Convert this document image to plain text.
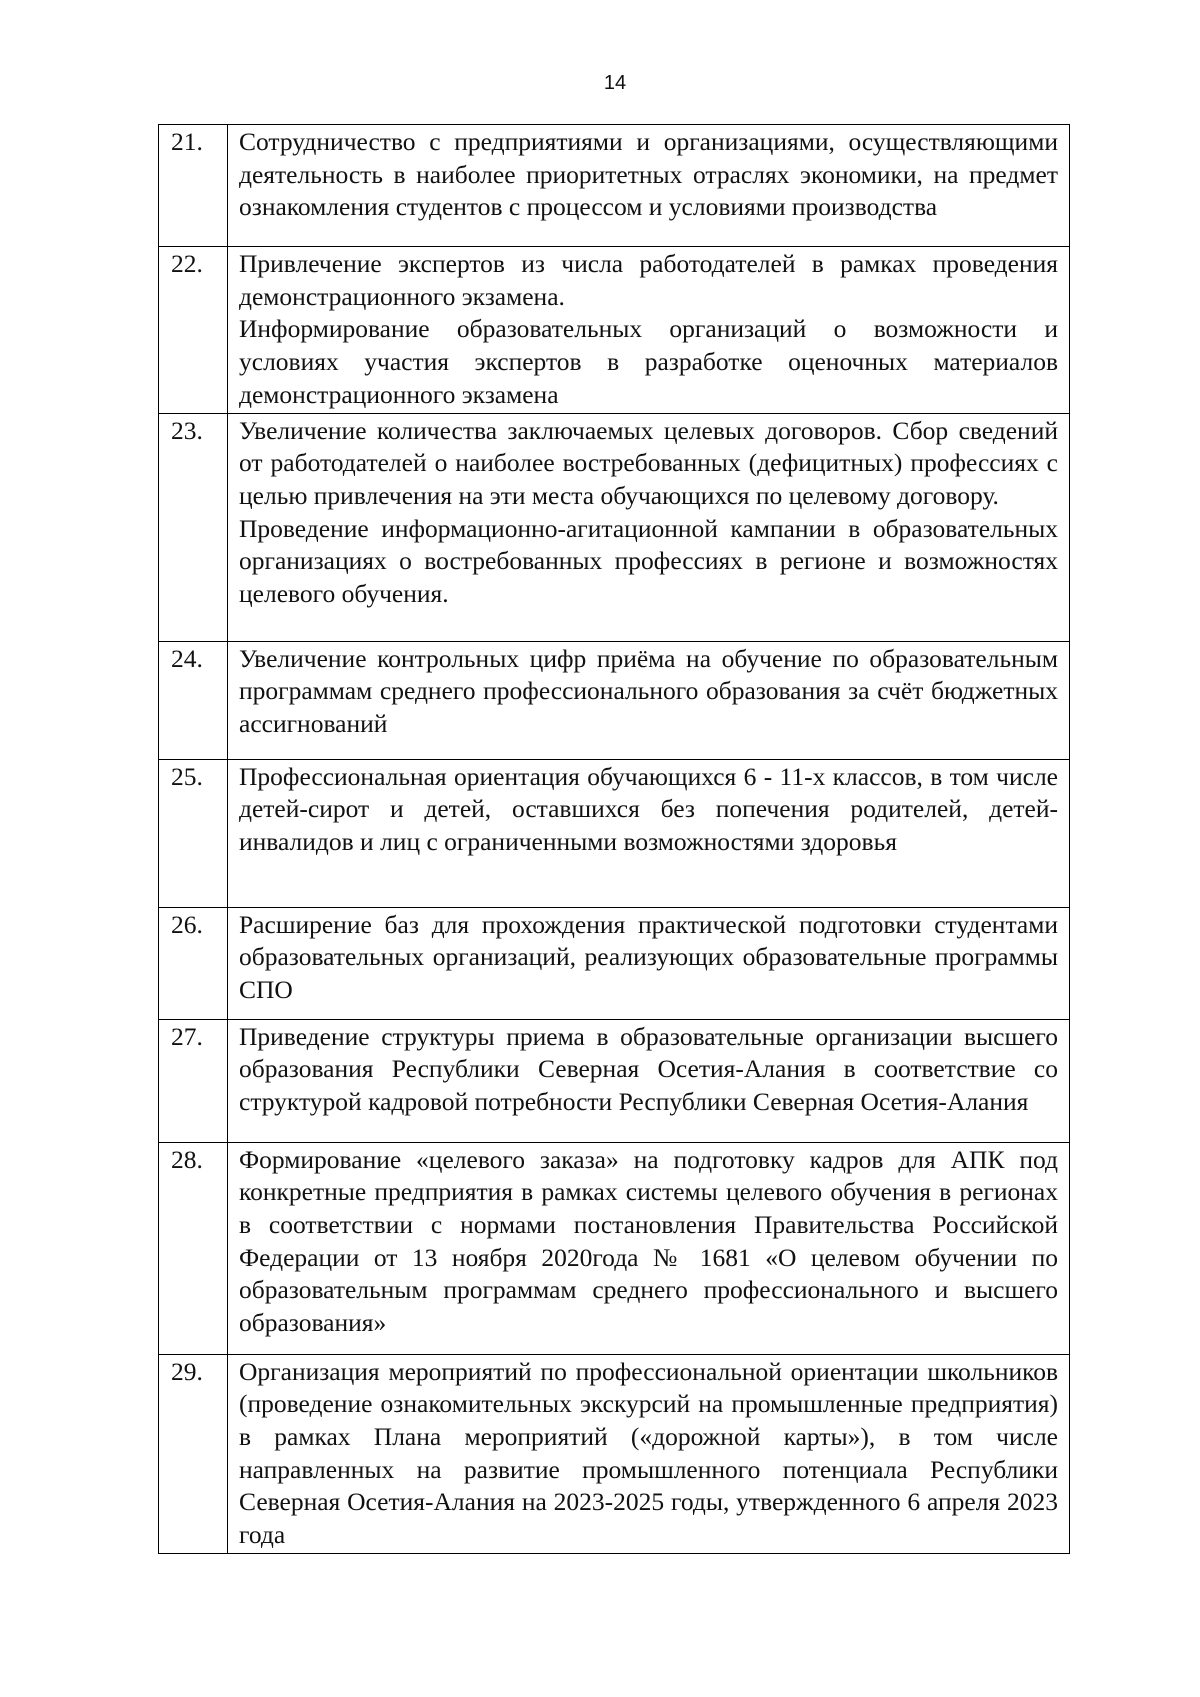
14
21.	Сотрудничество с предприятиями и организациями, осуществляющими деятельность в наиболее приоритетных отраслях экономики, на предмет ознакомления студентов с процессом и условиями производства

22.	Привлечение экспертов из числа работодателей в рамках проведения демонстрационного экзамена.

Информирование образовательных организаций о возможности и условиях участия экспертов в разработке оценочных материалов демонстрационного экзамена

23.	Увеличение количества заключаемых целевых договоров. Сбор сведений от работодателей о наиболее востребованных (дефицитных) профессиях с целью привлечения на эти места обучающихся по целевому договору.

Проведение информационно-агитационной кампании в образовательных организациях о востребованных профессиях в регионе и возможностях целевого обучения.

24.	Увеличение контрольных цифр приёма на обучение по образовательным программам среднего профессионального образования за счёт бюджетных ассигнований

25.	Профессиональная ориентация обучающихся 6 - 11-х классов, в том числе детей-сирот и детей, оставшихся без попечения родителей, детей-инвалидов и лиц с ограниченными возможностями здоровья

26.	Расширение баз для прохождения практической подготовки студентами образовательных организаций, реализующих образовательные программы СПО

27.	Приведение структуры приема в образовательные организации высшего образования Республики Северная Осетия-Алания в соответствие со структурой кадровой потребности Республики Северная Осетия-Алания

28.	Формирование «целевого заказа» на подготовку кадров для АПК под конкретные предприятия в рамках системы целевого обучения в регионах в соответствии с нормами постановления Правительства Российской Федерации от 13 ноября 2020года № 1681 «О целевом обучении по образовательным программам среднего профессионального и высшего образования»

29.	Организация мероприятий по профессиональной ориентации школьников (проведение ознакомительных экскурсий на промышленные предприятия) в рамках Плана мероприятий («дорожной карты»), в том числе направленных на развитие промышленного потенциала Республики Северная Осетия-Алания на 2023-2025 годы, утвержденного 6 апреля 2023 года
